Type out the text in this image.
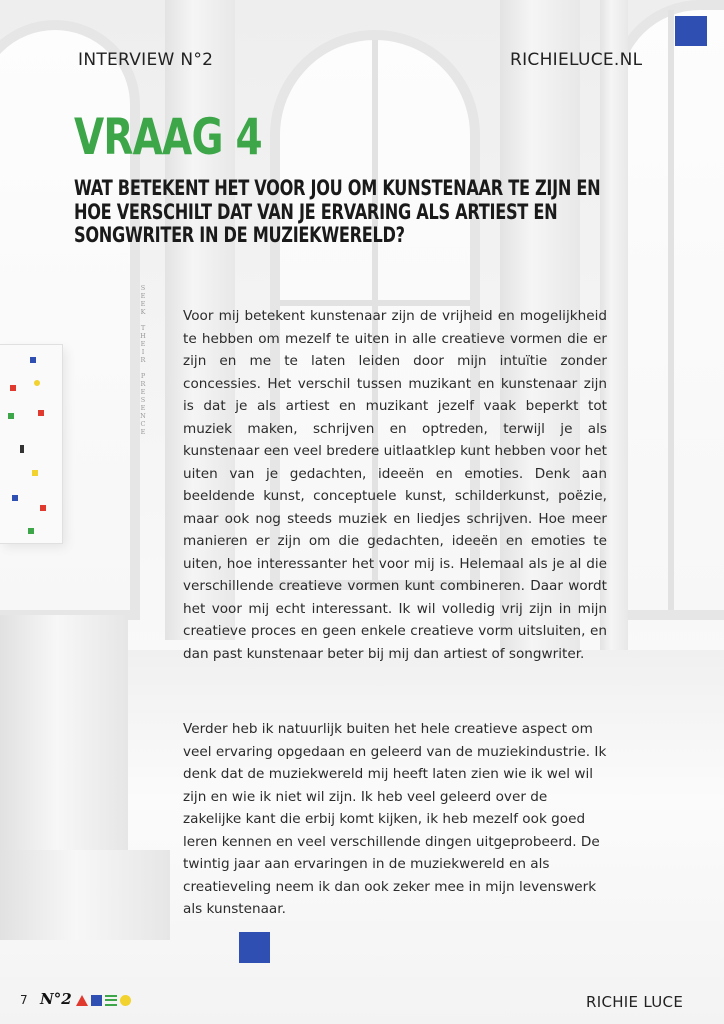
INTERVIEW N°2	RICHIELUCE.NL
VRAAG 4
WAT BETEKENT HET VOOR JOU OM KUNSTENAAR TE ZIJN EN HOE VERSCHILT DAT VAN JE ERVARING ALS ARTIEST EN SONGWRITER IN DE MUZIEKWERELD?
SEEK THEIR PRESENCE	Voor mij betekent kunstenaar zijn de vrijheid en mogelijkheid te hebben om mezelf te uiten in alle creatieve vormen die er zijn en me te laten leiden door mijn intuïtie zonder concessies. Het verschil tussen muzikant en kunstenaar zijn is dat je als artiest en muzikant jezelf vaak beperkt tot muziek maken, schrijven en optreden, terwijl je als kunstenaar een veel bredere uitlaatklep kunt hebben voor het uiten van je gedachten, ideeën en emoties. Denk aan beeldende kunst, conceptuele kunst, schilderkunst, poëzie, maar ook nog steeds muziek en liedjes schrijven. Hoe meer manieren er zijn om die gedachten, ideeën en emoties te uiten, hoe interessanter het voor mij is. Helemaal als je al die verschillende creatieve vormen kunt combineren. Daar wordt het voor mij echt interessant. Ik wil volledig vrij zijn in mijn creatieve proces en geen enkele creatieve vorm uitsluiten, en dan past kunstenaar beter bij mij dan artiest of songwriter.

Verder heb ik natuurlijk buiten het hele creatieve aspect om veel ervaring opgedaan en geleerd van de muziekindustrie. Ik denk dat de muziekwereld mij heeft laten zien wie ik wel wil zijn en wie ik niet wil zijn. Ik heb veel geleerd over de zakelijke kant die erbij komt kijken, ik heb mezelf ook goed leren kennen en veel verschillende dingen uitgeprobeerd. De twintig jaar aan ervaringen in de muziekwereld en als creatieveling neem ik dan ook zeker mee in mijn levenswerk als kunstenaar.

7 N°2	RICHIE LUCE
